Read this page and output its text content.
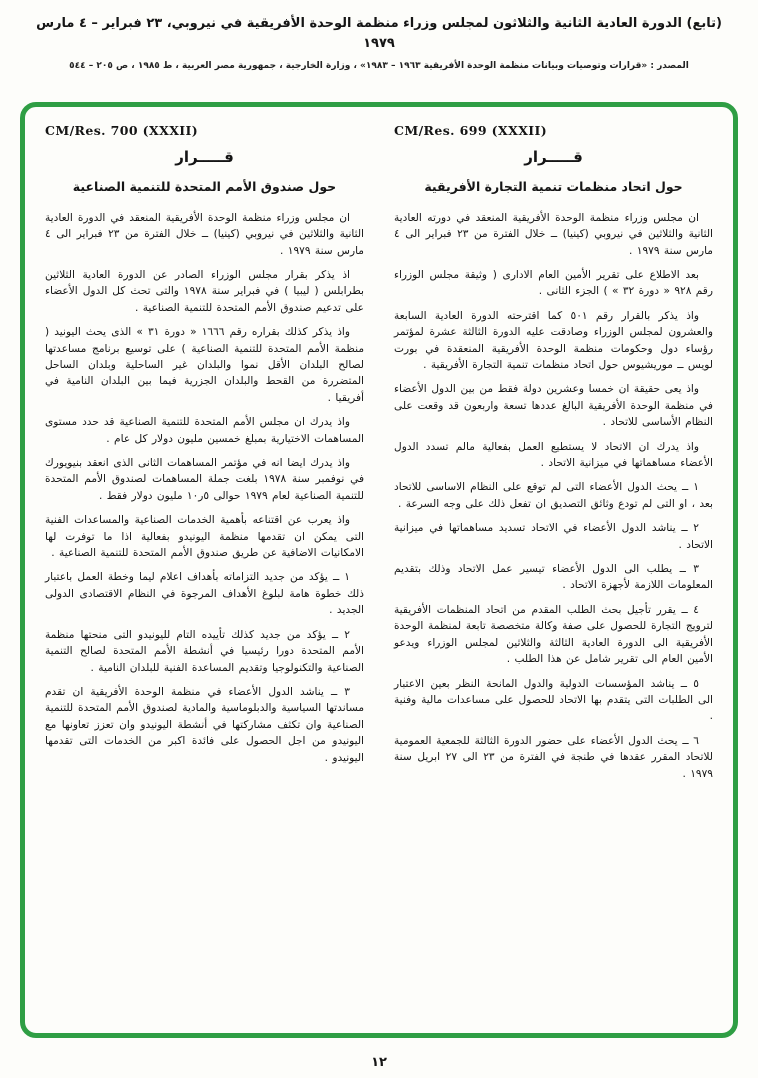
(تابع) الدورة العادية الثانية والثلاثون لمجلس وزراء منظمة الوحدة الأفريقية في نيروبي، ٢٣ فبراير – ٤ مارس ١٩٧٩
المصدر : «قرارات وتوصيات وبيانات منظمة الوحدة الأفريقية ١٩٦٣ – ١٩٨٣» ، وزارة الخارجية ، جمهورية مصر العربية ، ط ١٩٨٥ ، ص ٢٠٥ – ٥٤٤
CM/Res. 699 (XXXII)
قـــــرار
حول اتحاد منظمات تنمية التجارة الأفريقية

ان مجلس وزراء منظمة الوحدة الأفريقية المنعقد في دورته العادية الثانية والثلاثين في نيروبي (كينيا) ــ خلال الفترة من ٢٣ فبراير الى ٤ مارس سنة ١٩٧٩ .

بعد الاطلاع على تقرير الأمين العام الادارى ( وثيقة مجلس الوزراء رقم ٩٢٨ « دورة ٣٢ » ) الجزء الثانى .

واذ يذكر بالقرار رقم ٥٠١ كما اقترحته الدورة العادية السابعة والعشرون لمجلس الوزراء وصادقت عليه الدورة الثالثة عشرة لمؤتمر رؤساء دول وحكومات منظمة الوحدة الأفريقية المنعقدة في بورت لويس ــ موريشيوس حول اتحاد منظمات تنمية التجارة الأفريقية .

واذ يعى حقيقة ان خمسا وعشرين دولة فقط من بين الدول الأعضاء في منظمة الوحدة الأفريقية البالغ عددها تسعة واربعون قد وقعت على النظام الأساسى للاتحاد .

واذ يدرك ان الاتحاد لا يستطيع العمل بفعالية مالم تسدد الدول الأعضاء مساهماتها في ميزانية الاتحاد .

١ ــ يحث الدول الأعضاء التى لم توقع على النظام الاساسى للاتحاد بعد ، او التى لم تودع وثائق التصديق ان تفعل ذلك على وجه السرعة .

٢ ــ يناشد الدول الأعضاء في الاتحاد تسديد مساهماتها في ميزانية الاتحاد .

٣ ــ يطلب الى الدول الأعضاء تيسير عمل الاتحاد وذلك بتقديم المعلومات اللازمة لأجهزة الاتحاد .

٤ ــ يقرر تأجيل بحث الطلب المقدم من اتحاد المنظمات الأفريقية لترويج التجارة للحصول على صفة وكالة متخصصة تابعة لمنظمة الوحدة الأفريقية الى الدورة العادية الثالثة والثلاثين لمجلس الوزراء ويدعو الأمين العام الى تقرير شامل عن هذا الطلب .

٥ ــ يناشد المؤسسات الدولية والدول المانحة النظر بعين الاعتبار الى الطلبات التى يتقدم بها الاتحاد للحصول على مساعدات مالية وفنية .

٦ ــ يحث الدول الأعضاء على حضور الدورة الثالثة للجمعية العمومية للاتحاد المقرر عقدها في طنجة في الفترة من ٢٣ الى ٢٧ ابريل سنة ١٩٧٩ .

CM/Res. 700 (XXXII)
قـــــرار
حول صندوق الأمم المتحدة للتنمية الصناعية

ان مجلس وزراء منظمة الوحدة الأفريقية المنعقد في الدورة العادية الثانية والثلاثين في نيروبي (كينيا) ــ خلال الفترة من ٢٣ فبراير الى ٤ مارس سنة ١٩٧٩ .

اذ يذكر بقرار مجلس الوزراء الصادر عن الدورة العادية الثلاثين بطرابلس ( ليبيا ) في فبراير سنة ١٩٧٨ والتى تحث كل الدول الأعضاء على تدعيم صندوق الأمم المتحدة للتنمية الصناعية .

واذ يذكر كذلك بقراره رقم ١٦٦٦ « دورة ٣١ » الذى يحث اليونيد ( منظمة الأمم المتحدة للتنمية الصناعية ) على توسيع برنامج مساعدتها لصالح البلدان الأقل نموا والبلدان غير الساحلية وبلدان الساحل المتضررة من القحط والبلدان الجزرية فيما بين البلدان النامية في أفريقيا .

واذ يدرك ان مجلس الأمم المتحدة للتنمية الصناعية قد حدد مستوى المساهمات الاختيارية بمبلغ خمسين مليون دولار كل عام .

واذ يدرك ايضا انه في مؤتمر المساهمات الثانى الذى انعقد بنيويورك في نوفمبر سنة ١٩٧٨ بلغت جملة المساهمات لصندوق الأمم المتحدة للتنمية الصناعية لعام ١٩٧٩ حوالى ٥ر١٠ مليون دولار فقط .

واذ يعرب عن اقتناعه بأهمية الخدمات الصناعية والمساعدات الفنية التى يمكن ان تقدمها منظمة اليونيدو بفعالية اذا ما توفرت لها الامكانيات الاضافية عن طريق صندوق الأمم المتحدة للتنمية الصناعية .

١ ــ يؤكد من جديد التزاماته بأهداف اعلام ليما وخطة العمل باعتبار ذلك خطوة هامة لبلوغ الأهداف المرجوة في النظام الاقتصادى الدولى الجديد .

٢ ــ يؤكد من جديد كذلك تأييده التام لليونيدو التى منحتها منظمة الأمم المتحدة دورا رئيسيا في أنشطة الأمم المتحدة لصالح التنمية الصناعية والتكنولوجيا وتقديم المساعدة الفنية للبلدان النامية .

٣ ــ يناشد الدول الأعضاء في منظمة الوحدة الأفريقية ان تقدم مساندتها السياسية والدبلوماسية والمادية لصندوق الأمم المتحدة للتنمية الصناعية وان تكثف مشاركتها في أنشطة اليونيدو وان تعزز تعاونها مع اليونيدو من اجل الحصول على فائدة اكبر من الخدمات التى تقدمها اليونيدو .

١٢
